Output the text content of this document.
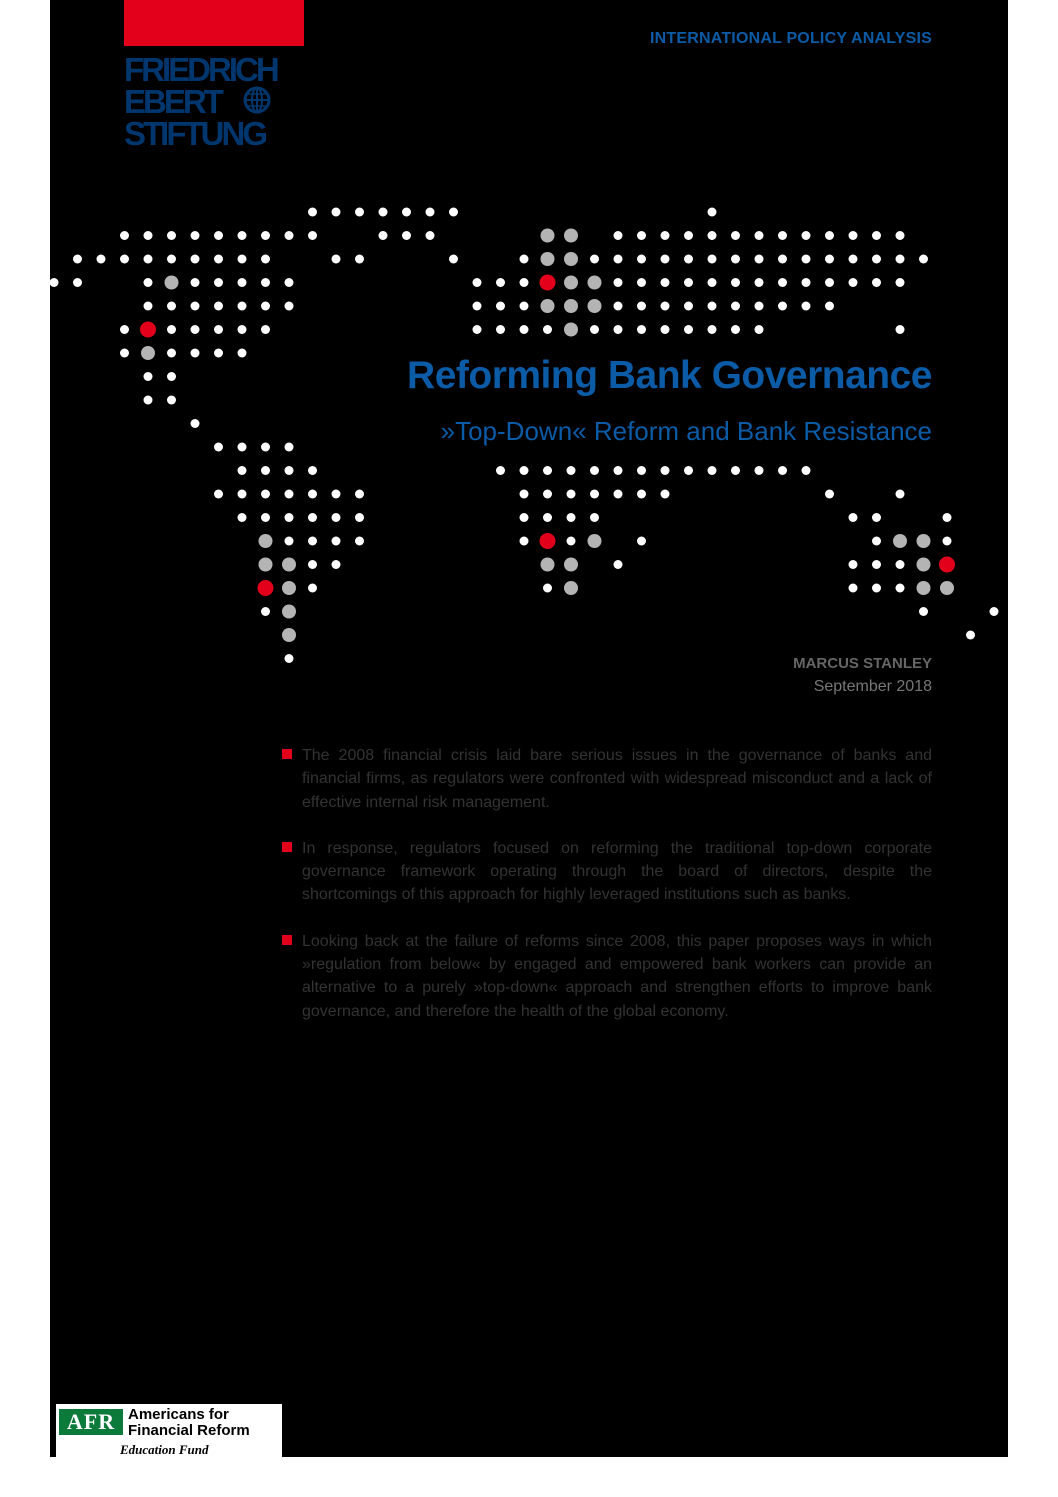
FRIEDRICH
EBERT
STIFTUNG
INTERNATIONAL POLICY ANALYSIS
Reforming Bank Governance
»Top-Down« Reform and Bank Resistance
MARCUS STANLEY
September 2018
The 2008 financial crisis laid bare serious issues in the governance of banks and financial firms, as regulators were confronted with widespread misconduct and a lack of effective internal risk management.
In response, regulators focused on reforming the traditional top-down corporate governance framework operating through the board of directors, despite the shortcomings of this approach for highly leveraged institutions such as banks.
Looking back at the failure of reforms since 2008, this paper proposes ways in which »regulation from below« by engaged and empowered bank workers can provide an alternative to a purely »top-down« approach and strengthen efforts to improve bank governance, and therefore the health of the global economy.
AFR Americans for
Financial Reform
Education Fund
